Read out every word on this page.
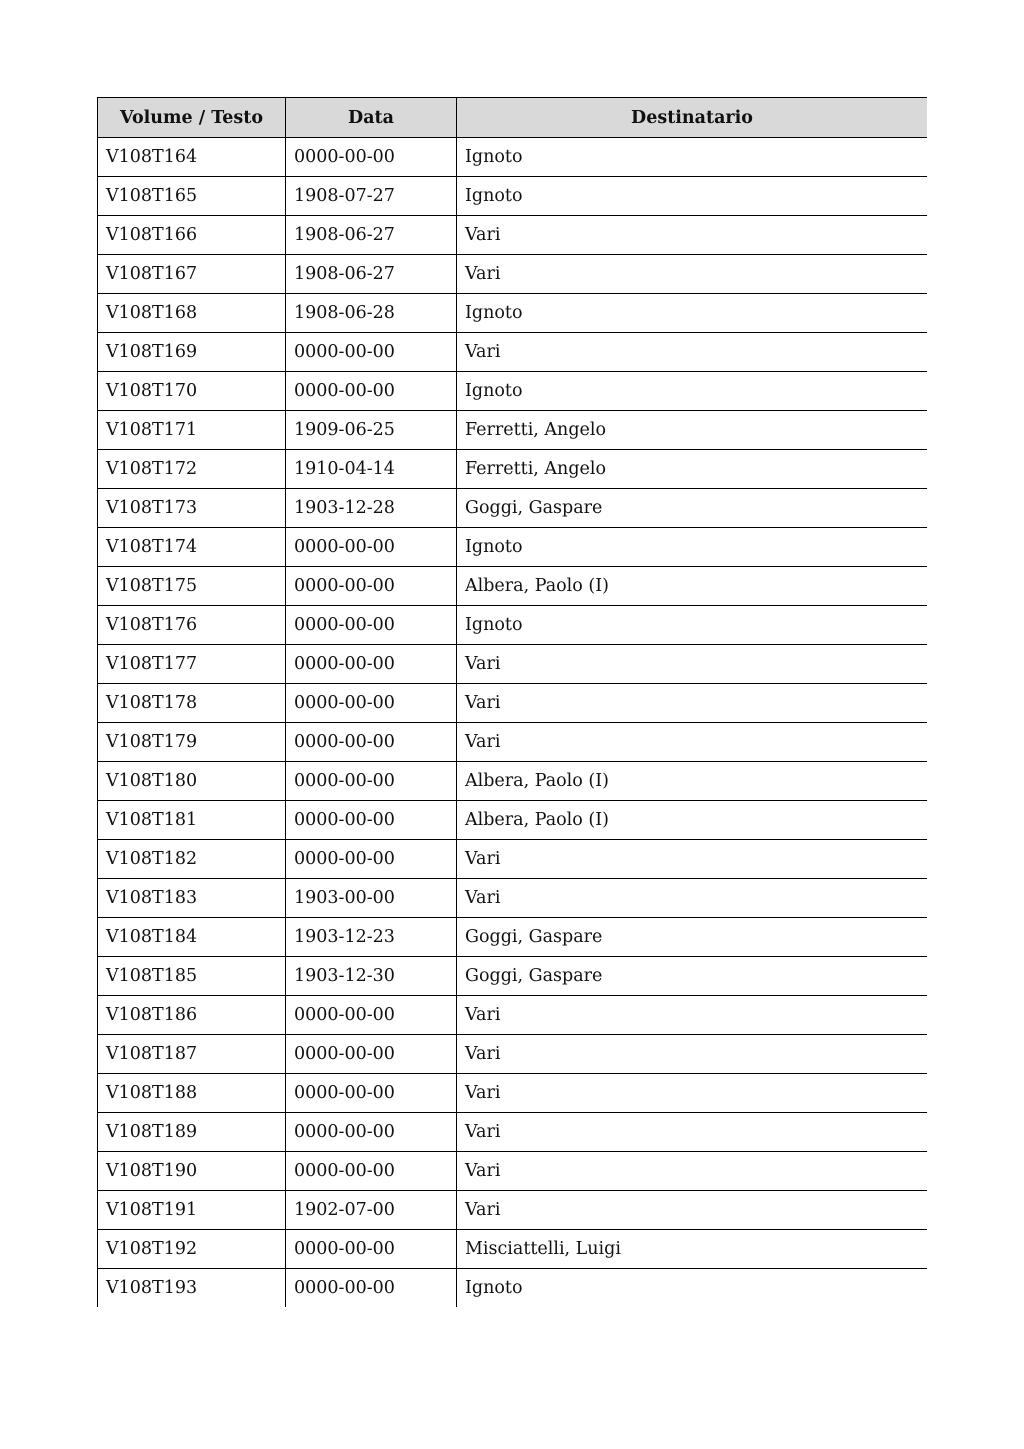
Volume / Testo	Data	Destinatario
V108T164	0000-00-00	Ignoto
V108T165	1908-07-27	Ignoto
V108T166	1908-06-27	Vari
V108T167	1908-06-27	Vari
V108T168	1908-06-28	Ignoto
V108T169	0000-00-00	Vari
V108T170	0000-00-00	Ignoto
V108T171	1909-06-25	Ferretti, Angelo
V108T172	1910-04-14	Ferretti, Angelo
V108T173	1903-12-28	Goggi, Gaspare
V108T174	0000-00-00	Ignoto
V108T175	0000-00-00	Albera, Paolo (I)
V108T176	0000-00-00	Ignoto
V108T177	0000-00-00	Vari
V108T178	0000-00-00	Vari
V108T179	0000-00-00	Vari
V108T180	0000-00-00	Albera, Paolo (I)
V108T181	0000-00-00	Albera, Paolo (I)
V108T182	0000-00-00	Vari
V108T183	1903-00-00	Vari
V108T184	1903-12-23	Goggi, Gaspare
V108T185	1903-12-30	Goggi, Gaspare
V108T186	0000-00-00	Vari
V108T187	0000-00-00	Vari
V108T188	0000-00-00	Vari
V108T189	0000-00-00	Vari
V108T190	0000-00-00	Vari
V108T191	1902-07-00	Vari
V108T192	0000-00-00	Misciattelli, Luigi
V108T193	0000-00-00	Ignoto
